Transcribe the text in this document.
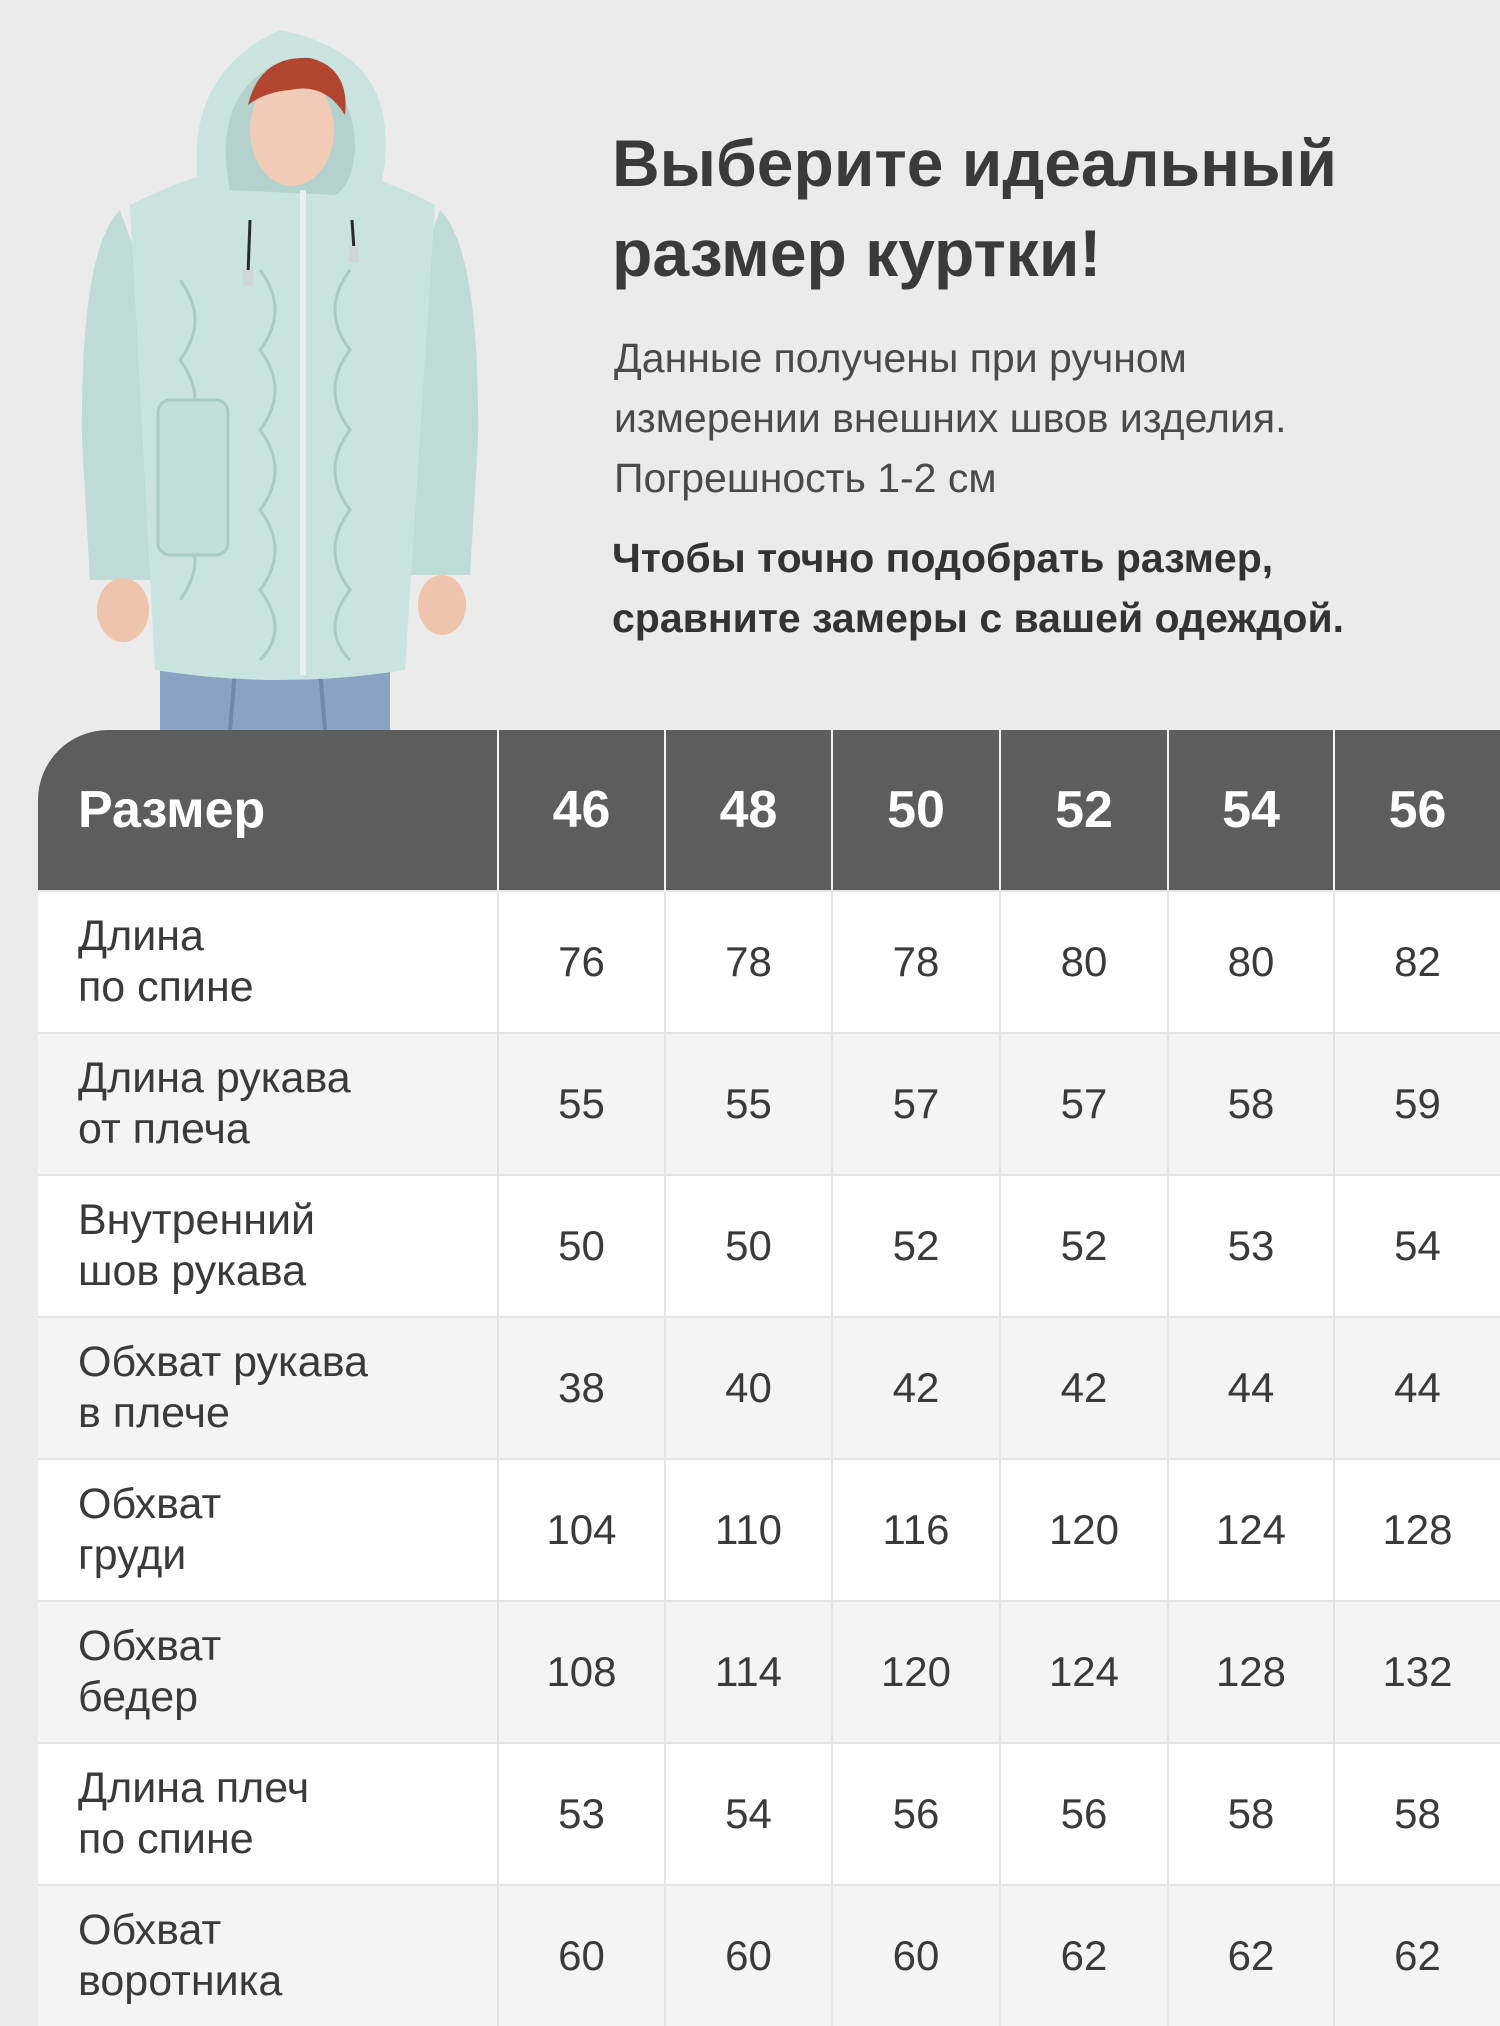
Выберите идеальный
размер куртки!

Данные получены при ручном
измерении внешних швов изделия.
Погрешность 1-2 см

Чтобы точно подобрать размер,
сравните замеры с вашей одеждой.

Размер	46	48	50	52	54	56

Длина
по спине	76	78	78	80	80	82

Длина рукава
от плеча	55	55	57	57	58	59

Внутренний
шов рукава	50	50	52	52	53	54

Обхват рукава
в плече	38	40	42	42	44	44

Обхват
груди	104	110	116	120	124	128

Обхват
бедер	108	114	120	124	128	132

Длина плеч
по спине	53	54	56	56	58	58

Обхват
воротника	60	60	60	62	62	62
